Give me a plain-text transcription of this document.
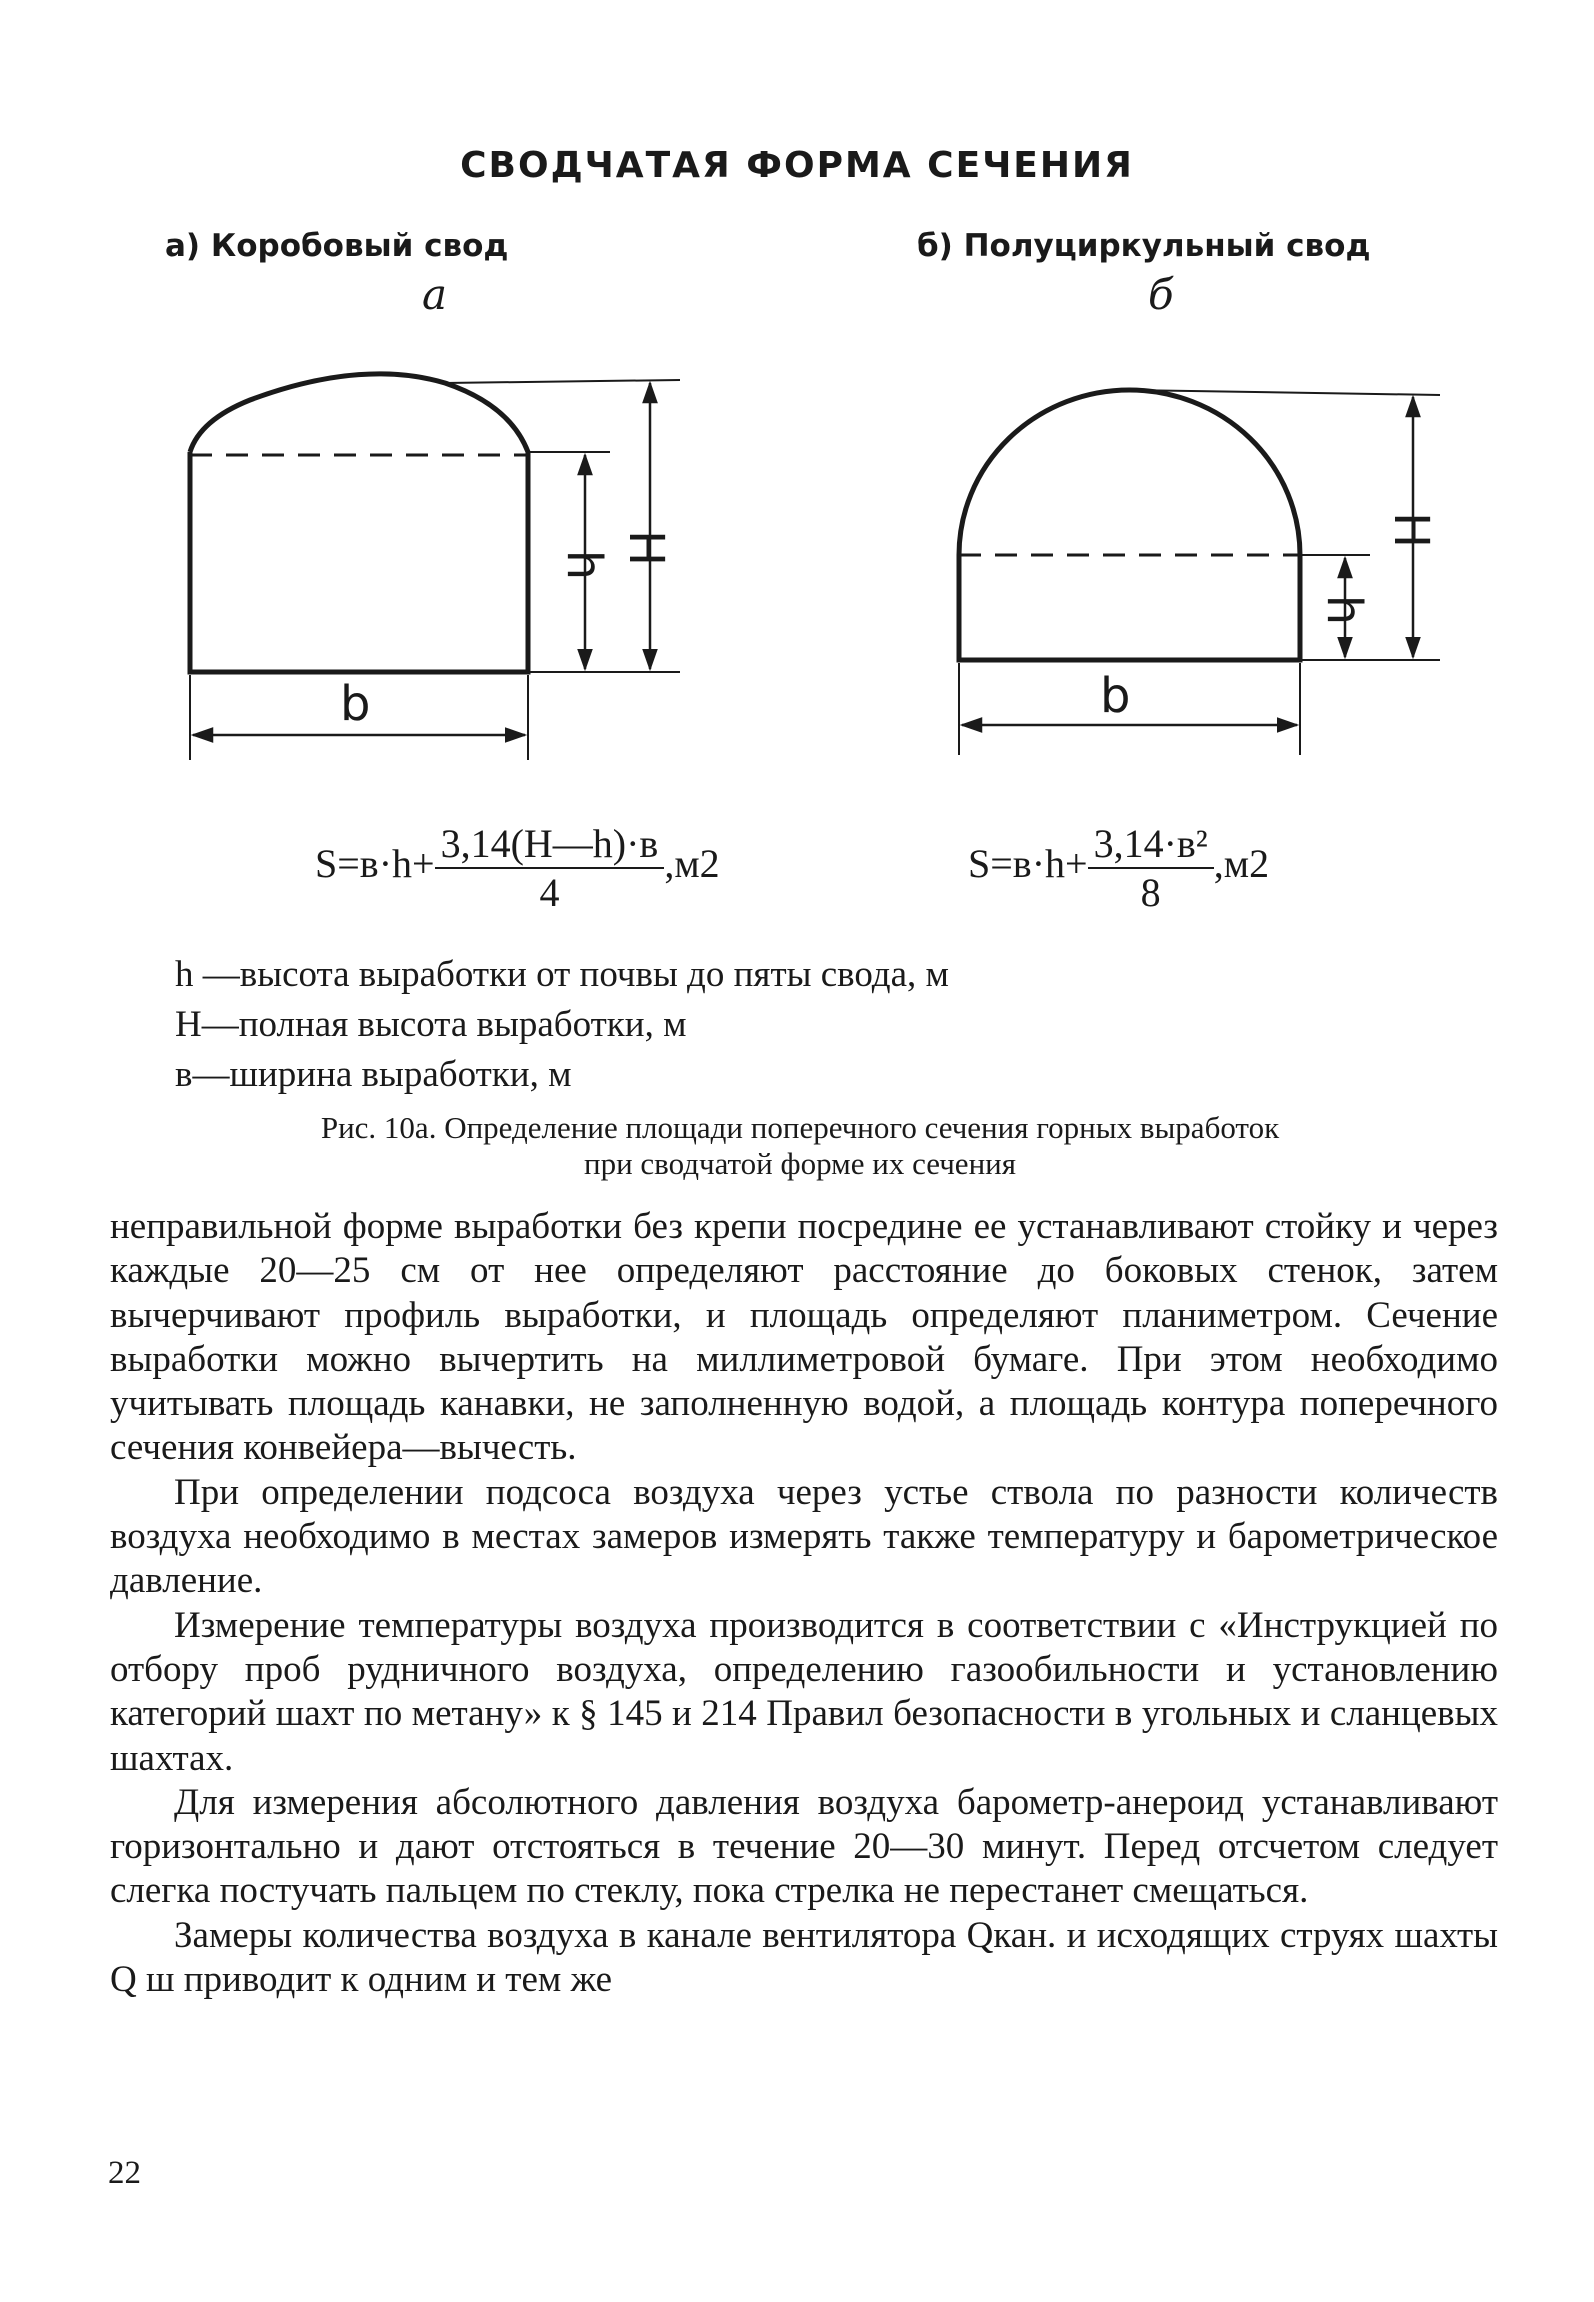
СВОДЧАТАЯ ФОРМА СЕЧЕНИЯ
а) Коробовый свод	б) Полуциркульный свод
а	б
b	b
h H
h
H
$S=в\cdot h+ \frac{3,14(H—h)\cdot в}{4} ,м2$	$S=в\cdot h+ \frac{\text{3,14·в²}}{8} ,м2$
h —высота выработки от почвы до пяты свода, м
H—полная высота выработки, м
в—ширина выработки, м
Рис. 10а. Определение площади поперечного сечения горных выработок
при сводчатой форме их сечения

неправильной форме выработки без крепи посредине ее устанавливают стойку и через каждые 20—25 см от нее определяют расстояние до боковых стенок, затем вычерчивают профиль выработки, и площадь определяют планиметром. Сечение выработки можно вычертить на миллиметровой бумаге. При этом необходимо учитывать площадь канавки, не заполненную водой, а площадь контура поперечного сечения конвейера—вычесть.

При определении подсоса воздуха через устье ствола по разности количеств воздуха необходимо в местах замеров измерять также температуру и барометрическое давление.

Измерение температуры воздуха производится в соответствии с «Инструкцией по отбору проб рудничного воздуха, определению газообильности и установлению категорий шахт по метану» к § 145 и 214 Правил безопасности в угольных и сланцевых шахтах.

Для измерения абсолютного давления воздуха барометр-анероид устанавливают горизонтально и дают отстояться в течение 20—30 минут. Перед отсчетом следует слегка постучать пальцем по стеклу, пока стрелка не перестанет смещаться.

Замеры количества воздуха в канале вентилятора Qкан. и исходящих струях шахты Q ш приводит к одним и тем же

22
